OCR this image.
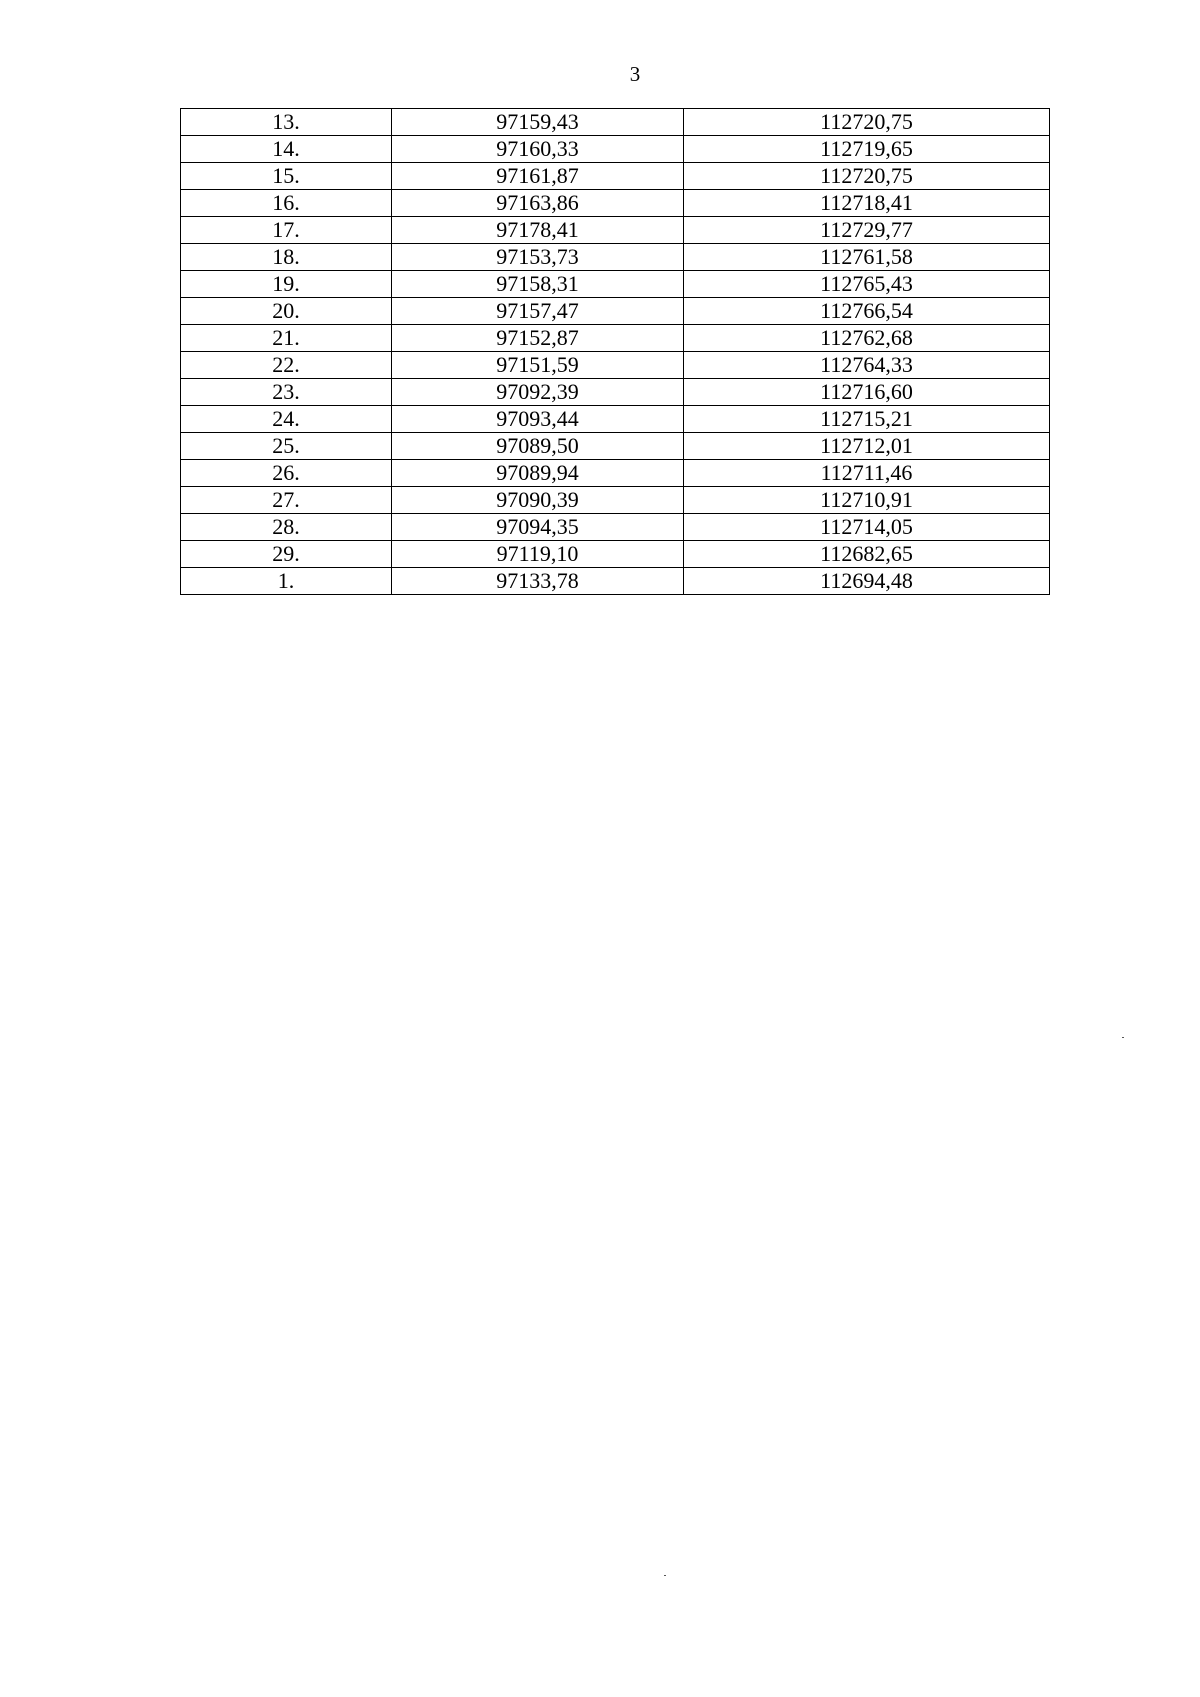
3
13.	97159,43	112720,75
14.	97160,33	112719,65
15.	97161,87	112720,75
16.	97163,86	112718,41
17.	97178,41	112729,77
18.	97153,73	112761,58
19.	97158,31	112765,43
20.	97157,47	112766,54
21.	97152,87	112762,68
22.	97151,59	112764,33
23.	97092,39	112716,60
24.	97093,44	112715,21
25.	97089,50	112712,01
26.	97089,94	112711,46
27.	97090,39	112710,91
28.	97094,35	112714,05
29.	97119,10	112682,65
1.	97133,78	112694,48
